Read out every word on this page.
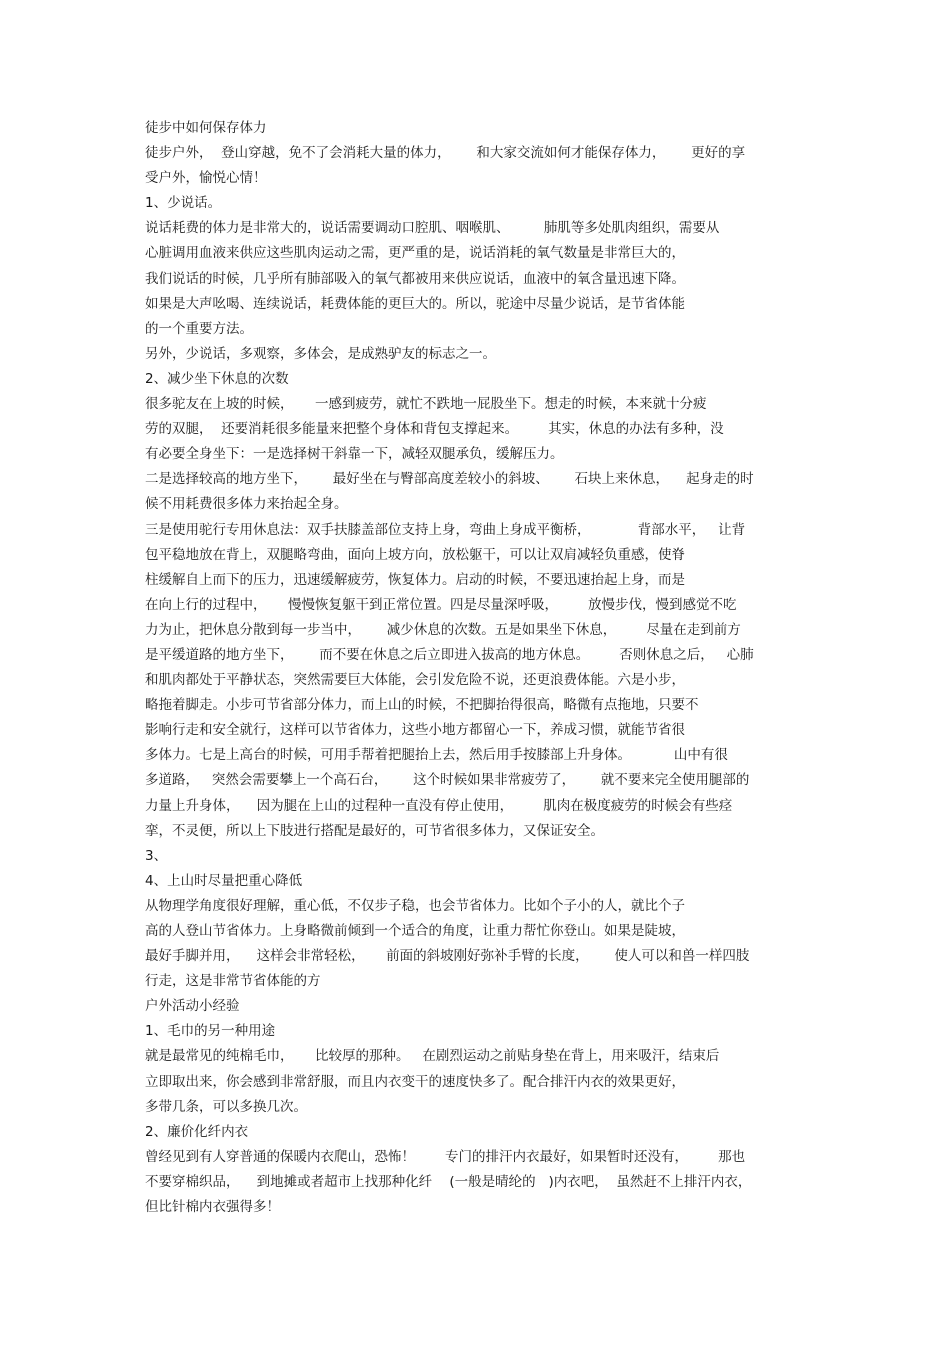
徒步中如何保存体力
徒步户外，  登山穿越，免不了会消耗大量的体力，      和大家交流如何才能保存体力，      更好的享
受户外，愉悦心情！
1、少说话。
说话耗费的体力是非常大的，说话需要调动口腔肌、咽喉肌、        肺肌等多处肌肉组织，需要从
心脏调用血液来供应这些肌肉运动之需，更严重的是，说话消耗的氧气数量是非常巨大的，
我们说话的时候，几乎所有肺部吸入的氧气都被用来供应说话，血液中的氧含量迅速下降。
如果是大声吆喝、连续说话，耗费体能的更巨大的。所以，驼途中尽量少说话，是节省体能
的一个重要方法。
另外，少说话，多观察，多体会，是成熟驴友的标志之一。
2、减少坐下休息的次数
很多驼友在上坡的时候，     一感到疲劳，就忙不跌地一屁股坐下。想走的时候，本来就十分疲
劳的双腿，  还要消耗很多能量来把整个身体和背包支撑起来。       其实，休息的办法有多种，没
有必要全身坐下：一是选择树干斜靠一下，减轻双腿承负，缓解压力。
二是选择较高的地方坐下，      最好坐在与臀部高度差较小的斜坡、      石块上来休息，    起身走的时
候不用耗费很多体力来抬起全身。
三是使用驼行专用休息法：双手扶膝盖部位支持上身，弯曲上身成平衡桥，           背部水平，   让背
包平稳地放在背上，双腿略弯曲，面向上坡方向，放松躯干，可以让双肩减轻负重感，使脊
柱缓解自上而下的压力，迅速缓解疲劳，恢复体力。启动的时候，不要迅速抬起上身，而是
在向上行的过程中，     慢慢恢复躯干到正常位置。四是尽量深呼吸，       放慢步伐，慢到感觉不吃
力为止，把休息分散到每一步当中，      减少休息的次数。五是如果坐下休息，       尽量在走到前方
是平缓道路的地方坐下，      而不要在休息之后立即进入拔高的地方休息。       否则休息之后，   心肺
和肌肉都处于平静状态，突然需要巨大体能，会引发危险不说，还更浪费体能。六是小步，
略拖着脚走。小步可节省部分体力，而上山的时候，不把脚抬得很高，略微有点拖地，只要不
影响行走和安全就行，这样可以节省体力，这些小地方都留心一下，养成习惯，就能节省很
多体力。七是上高台的时候，可用手帮着把腿抬上去，然后用手按膝部上升身体。          山中有很
多道路，   突然会需要攀上一个高石台，      这个时候如果非常疲劳了，      就不要来完全使用腿部的
力量上升身体，    因为腿在上山的过程种一直没有停止使用，       肌肉在极度疲劳的时候会有些痉
挛，不灵便，所以上下肢进行搭配是最好的，可节省很多体力，又保证安全。
3、
4、上山时尽量把重心降低
从物理学角度很好理解，重心低，不仅步子稳，也会节省体力。比如个子小的人，就比个子
高的人登山节省体力。上身略微前倾到一个适合的角度，让重力帮忙你登山。如果是陡坡，
最好手脚并用，    这样会非常轻松，     前面的斜坡刚好弥补手臂的长度，      使人可以和兽一样四肢
行走，这是非常节省体能的方
户外活动小经验
1、毛巾的另一种用途
就是最常见的纯棉毛巾，     比较厚的那种。   在剧烈运动之前贴身垫在背上，用来吸汗，结束后
立即取出来，你会感到非常舒服，而且内衣变干的速度快多了。配合排汗内衣的效果更好，
多带几条，可以多换几次。
2、廉价化纤内衣
曾经见到有人穿普通的保暖内衣爬山，恐怖！       专门的排汗内衣最好，如果暂时还没有，       那也
不要穿棉织品，    到地摊或者超市上找那种化纤    (一般是晴纶的   )内衣吧，  虽然赶不上排汗内衣，
但比针棉内衣强得多！
